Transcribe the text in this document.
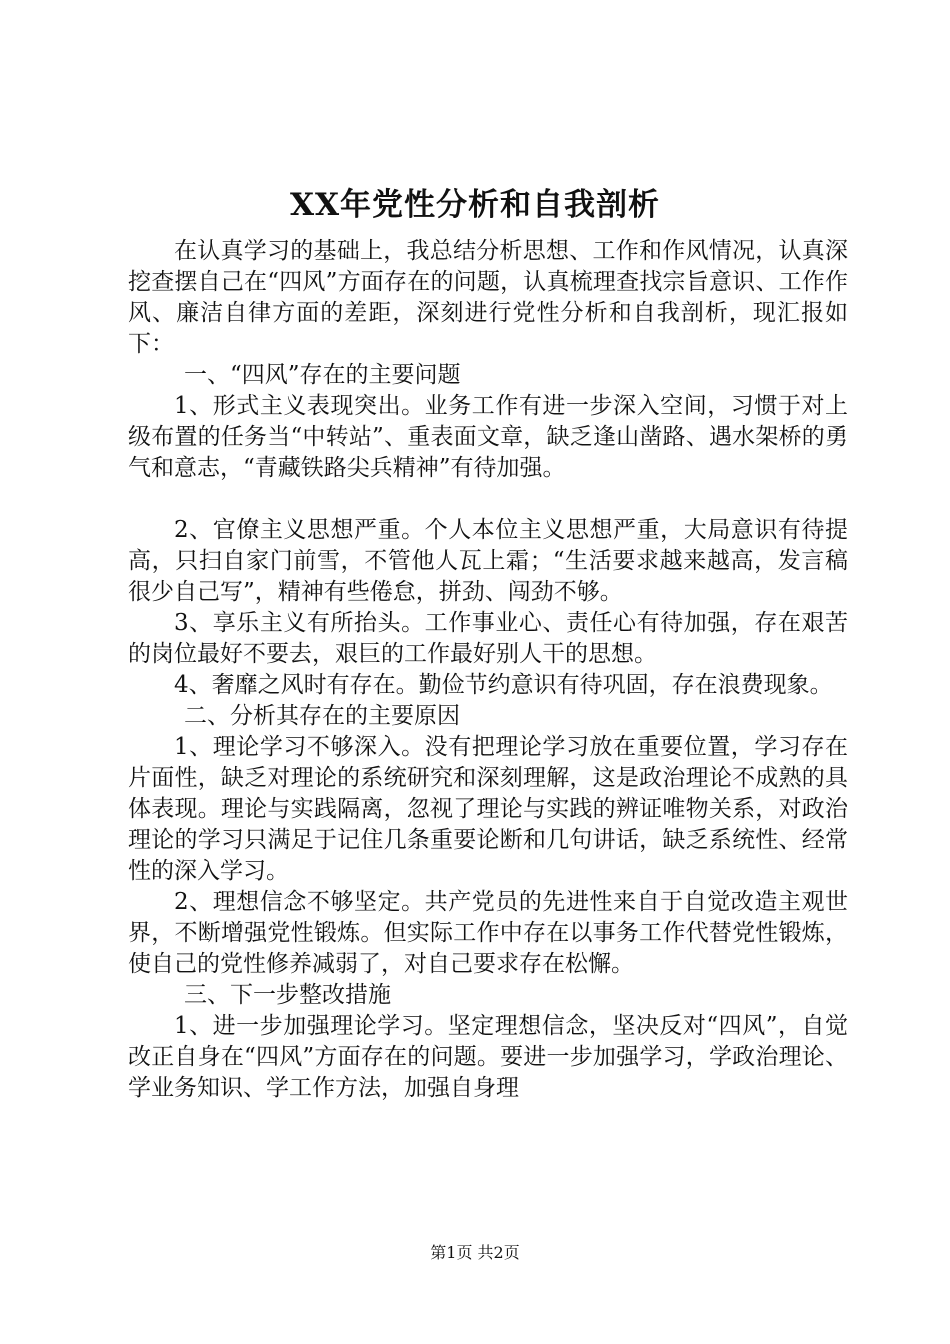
XX年党性分析和自我剖析

在认真学习的基础上，我总结分析思想、工作和作风情况，认真深挖查摆自己在“四风”方面存在的问题，认真梳理查找宗旨意识、工作作风、廉洁自律方面的差距，深刻进行党性分析和自我剖析，现汇报如下：

一、“四风”存在的主要问题

1、形式主义表现突出。业务工作有进一步深入空间，习惯于对上级布置的任务当“中转站”、重表面文章，缺乏逢山凿路、遇水架桥的勇气和意志，“青藏铁路尖兵精神”有待加强。

2、官僚主义思想严重。个人本位主义思想严重，大局意识有待提高，只扫自家门前雪，不管他人瓦上霜；“生活要求越来越高，发言稿很少自己写”，精神有些倦怠，拼劲、闯劲不够。

3、享乐主义有所抬头。工作事业心、责任心有待加强，存在艰苦的岗位最好不要去，艰巨的工作最好别人干的思想。

4、奢靡之风时有存在。勤俭节约意识有待巩固，存在浪费现象。

二、分析其存在的主要原因

1、理论学习不够深入。没有把理论学习放在重要位置，学习存在片面性，缺乏对理论的系统研究和深刻理解，这是政治理论不成熟的具体表现。理论与实践隔离，忽视了理论与实践的辨证唯物关系，对政治理论的学习只满足于记住几条重要论断和几句讲话，缺乏系统性、经常性的深入学习。

2、理想信念不够坚定。共产党员的先进性来自于自觉改造主观世界，不断增强党性锻炼。但实际工作中存在以事务工作代替党性锻炼，使自己的党性修养减弱了，对自己要求存在松懈。

三、下一步整改措施

1、进一步加强理论学习。坚定理想信念，坚决反对“四风”，自觉改正自身在“四风”方面存在的问题。要进一步加强学习，学政治理论、学业务知识、学工作方法，加强自身理

第1页 共2页
